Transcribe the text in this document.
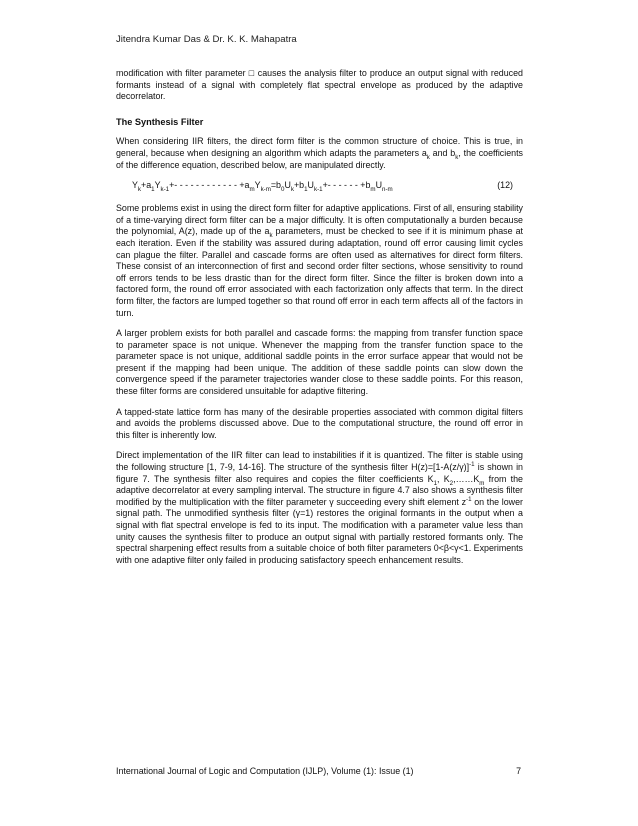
Jitendra Kumar Das & Dr. K. K. Mahapatra

modification with filter parameter □ causes the analysis filter to produce an output signal with reduced formants instead of a signal with completely flat spectral envelope as produced by the adaptive decorrelator.

The Synthesis Filter

When considering IIR filters, the direct form filter is the common structure of choice. This is true, in general, because when designing an algorithm which adapts the parameters $a_k$ and $b_k$, the coefficients of the difference equation, described below, are manipulated directly.

$Y_k+a_1Y_{k-1}+-$ - - - - - - - - - - - $+a_mY_{k-m}=b_0U_k+b_1U_{k-1}+-$ - - - - - $+b_mU_{n-m}$	(12)

Some problems exist in using the direct form filter for adaptive applications. First of all, ensuring stability of a time-varying direct form filter can be a major difficulty. It is often computationally a burden because the polynomial, A(z), made up of the $a_k$ parameters, must be checked to see if it is minimum phase at each iteration. Even if the stability was assured during adaptation, round off error causing limit cycles can plague the filter. Parallel and cascade forms are often used as alternatives for direct form filters. These consist of an interconnection of first and second order filter sections, whose sensitivity to round off errors tends to be less drastic than for the direct form filter. Since the filter is broken down into a factored form, the round off error associated with each factorization only affects that term. In the direct form filter, the factors are lumped together so that round off error in each term affects all of the factors in turn.

A larger problem exists for both parallel and cascade forms: the mapping from transfer function space to parameter space is not unique. Whenever the mapping from the transfer function space to the parameter space is not unique, additional saddle points in the error surface appear that would not be present if the mapping had been unique. The addition of these saddle points can slow down the convergence speed if the parameter trajectories wander close to these saddle points. For this reason, these filter forms are considered unsuitable for adaptive filtering.

A tapped-state lattice form has many of the desirable properties associated with common digital filters and avoids the problems discussed above. Due to the computational structure, the round off error in this filter is inherently low.

Direct implementation of the IIR filter can lead to instabilities if it is quantized. The filter is stable using the following structure [1, 7-9, 14-16]. The structure of the synthesis filter $H(z)=[1-A(z/\gamma)]^{-1}$ is shown in figure 7. The synthesis filter also requires and copies the filter coefficients $K_1$, $K_2,\dots\dots K_m$ from the adaptive decorrelator at every sampling interval. The structure in figure 4.7 also shows a synthesis filter modified by the multiplication with the filter parameter γ succeeding every shift element $z^{-1}$ on the lower signal path. The unmodified synthesis filter (γ=1) restores the original formants in the output when a signal with flat spectral envelope is fed to its input. The modification with a parameter value less than unity causes the synthesis filter to produce an output signal with partially restored formants only. The spectral sharpening effect results from a suitable choice of both filter parameters 0<β<γ<1. Experiments with one adaptive filter only failed in producing satisfactory speech enhancement results.

International Journal of Logic and Computation (IJLP), Volume (1): Issue (1)	7
